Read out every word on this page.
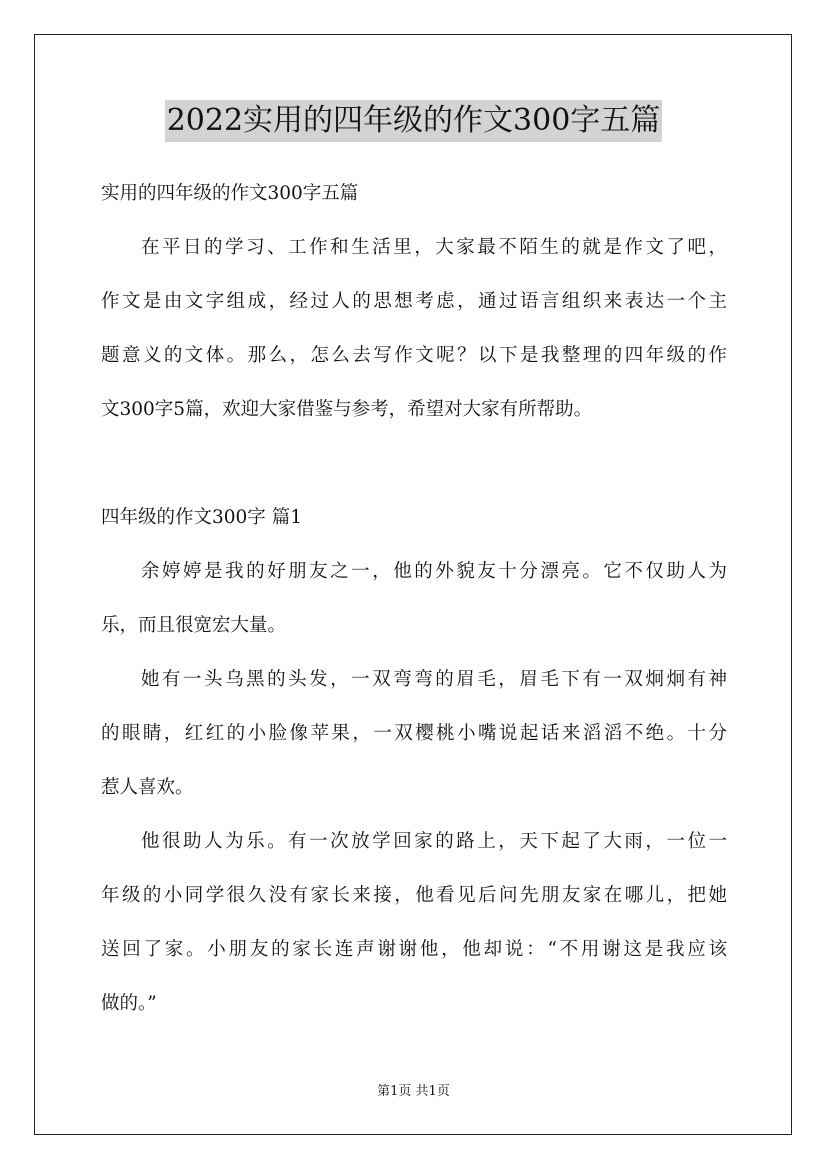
2022实用的四年级的作文300字五篇

实用的四年级的作文300字五篇

在平日的学习、工作和生活里，大家最不陌生的就是作文了吧，

作文是由文字组成，经过人的思想考虑，通过语言组织来表达一个主

题意义的文体。那么，怎么去写作文呢？以下是我整理的四年级的作

文300字5篇，欢迎大家借鉴与参考，希望对大家有所帮助。

四年级的作文300字 篇1

余婷婷是我的好朋友之一，他的外貌友十分漂亮。它不仅助人为

乐，而且很宽宏大量。

她有一头乌黑的头发，一双弯弯的眉毛，眉毛下有一双炯炯有神

的眼睛，红红的小脸像苹果，一双樱桃小嘴说起话来滔滔不绝。十分

惹人喜欢。

他很助人为乐。有一次放学回家的路上，天下起了大雨，一位一

年级的小同学很久没有家长来接，他看见后问先朋友家在哪儿，把她

送回了家。小朋友的家长连声谢谢他，他却说：“不用谢这是我应该

做的。”

第1页 共1页
